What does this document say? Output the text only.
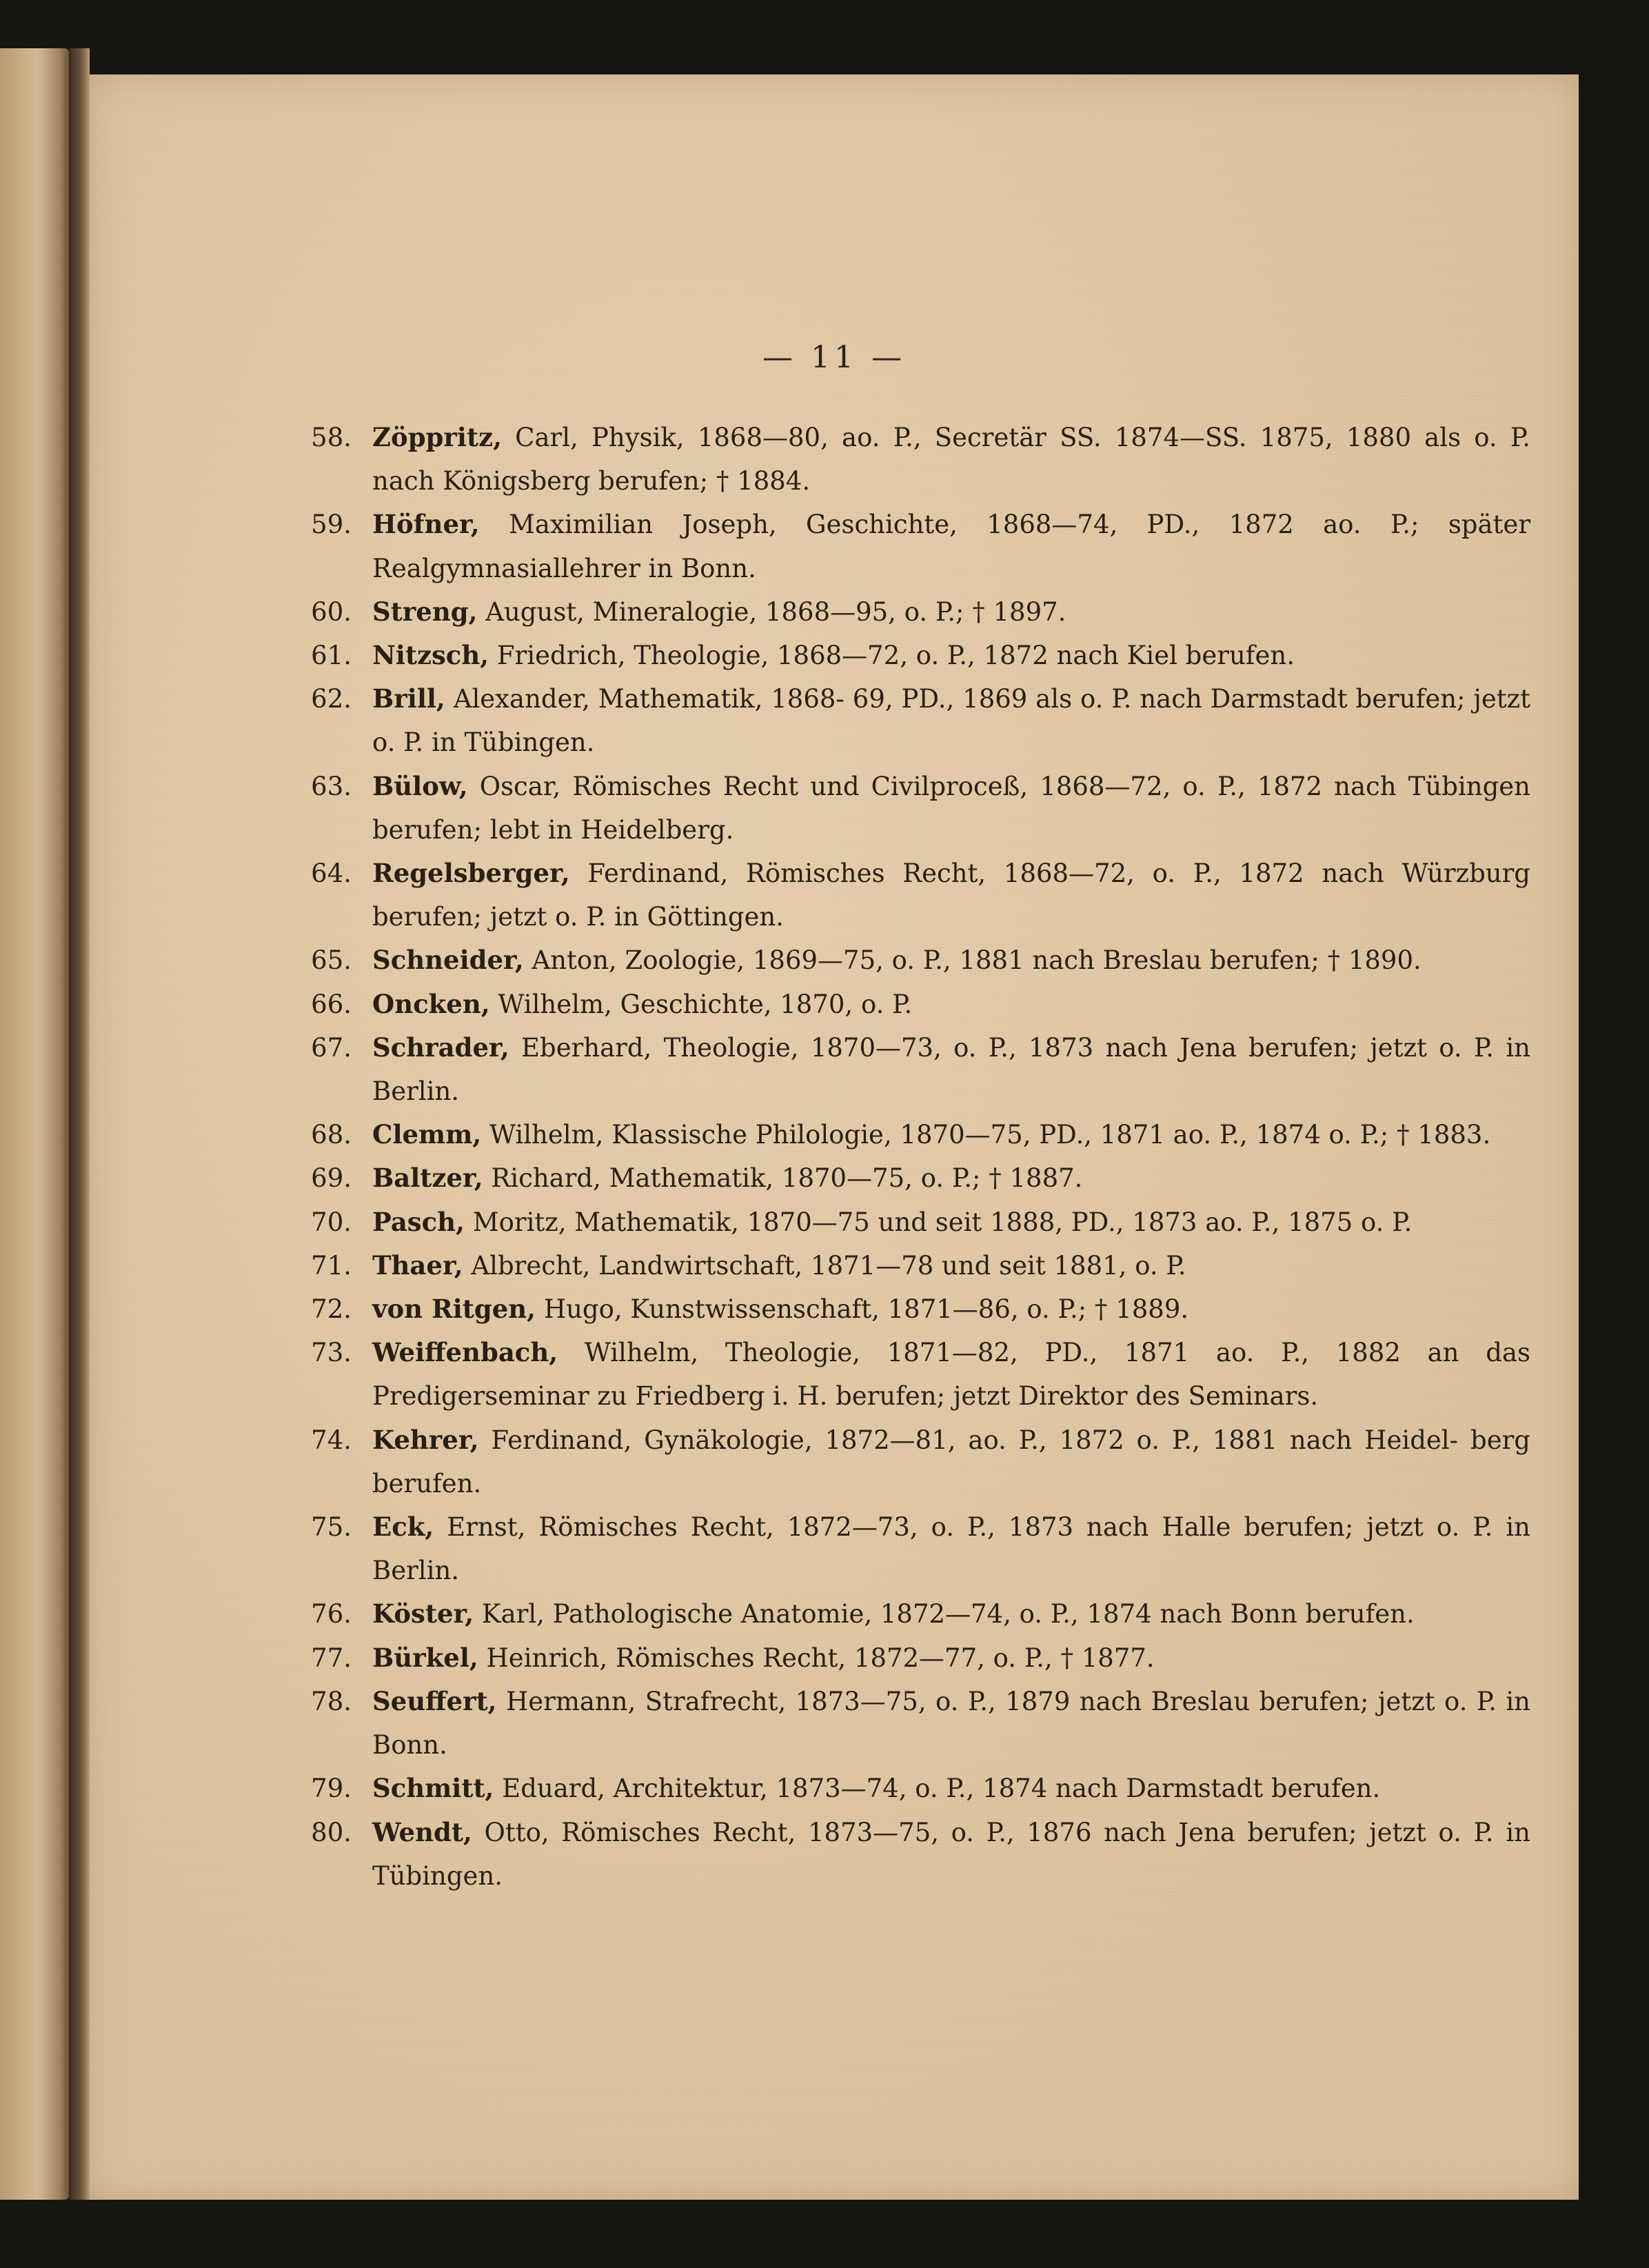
— 11 —
58. Zöppritz, Carl, Physik, 1868—80, ao. P., Secretär SS. 1874—SS. 1875, 1880 als o. P. nach Königsberg berufen; † 1884.
59. Höfner, Maximilian Joseph, Geschichte, 1868—74, PD., 1872 ao. P.; später Realgymnasiallehrer in Bonn.
60. Streng, August, Mineralogie, 1868—95, o. P.; † 1897.
61. Nitzsch, Friedrich, Theologie, 1868—72, o. P., 1872 nach Kiel berufen.
62. Brill, Alexander, Mathematik, 1868- 69, PD., 1869 als o. P. nach Darmstadt berufen; jetzt o. P. in Tübingen.
63. Bülow, Oscar, Römisches Recht und Civilproceß, 1868—72, o. P., 1872 nach Tübingen berufen; lebt in Heidelberg.
64. Regelsberger, Ferdinand, Römisches Recht, 1868—72, o. P., 1872 nach Würzburg berufen; jetzt o. P. in Göttingen.
65. Schneider, Anton, Zoologie, 1869—75, o. P., 1881 nach Breslau berufen; † 1890.
66. Oncken, Wilhelm, Geschichte, 1870, o. P.
67. Schrader, Eberhard, Theologie, 1870—73, o. P., 1873 nach Jena berufen; jetzt o. P. in Berlin.
68. Clemm, Wilhelm, Klassische Philologie, 1870—75, PD., 1871 ao. P., 1874 o. P.; † 1883.
69. Baltzer, Richard, Mathematik, 1870—75, o. P.; † 1887.
70. Pasch, Moritz, Mathematik, 1870—75 und seit 1888, PD., 1873 ao. P., 1875 o. P.
71. Thaer, Albrecht, Landwirtschaft, 1871—78 und seit 1881, o. P.
72. von Ritgen, Hugo, Kunstwissenschaft, 1871—86, o. P.; † 1889.
73. Weiffenbach, Wilhelm, Theologie, 1871—82, PD., 1871 ao. P., 1882 an das Predigerseminar zu Friedberg i. H. berufen; jetzt Direktor des Seminars.
74. Kehrer, Ferdinand, Gynäkologie, 1872—81, ao. P., 1872 o. P., 1881 nach Heidel- berg berufen.
75. Eck, Ernst, Römisches Recht, 1872—73, o. P., 1873 nach Halle berufen; jetzt o. P. in Berlin.
76. Köster, Karl, Pathologische Anatomie, 1872—74, o. P., 1874 nach Bonn berufen.
77. Bürkel, Heinrich, Römisches Recht, 1872—77, o. P., † 1877.
78. Seuffert, Hermann, Strafrecht, 1873—75, o. P., 1879 nach Breslau berufen; jetzt o. P. in Bonn.
79. Schmitt, Eduard, Architektur, 1873—74, o. P., 1874 nach Darmstadt berufen.
80. Wendt, Otto, Römisches Recht, 1873—75, o. P., 1876 nach Jena berufen; jetzt o. P. in Tübingen.
